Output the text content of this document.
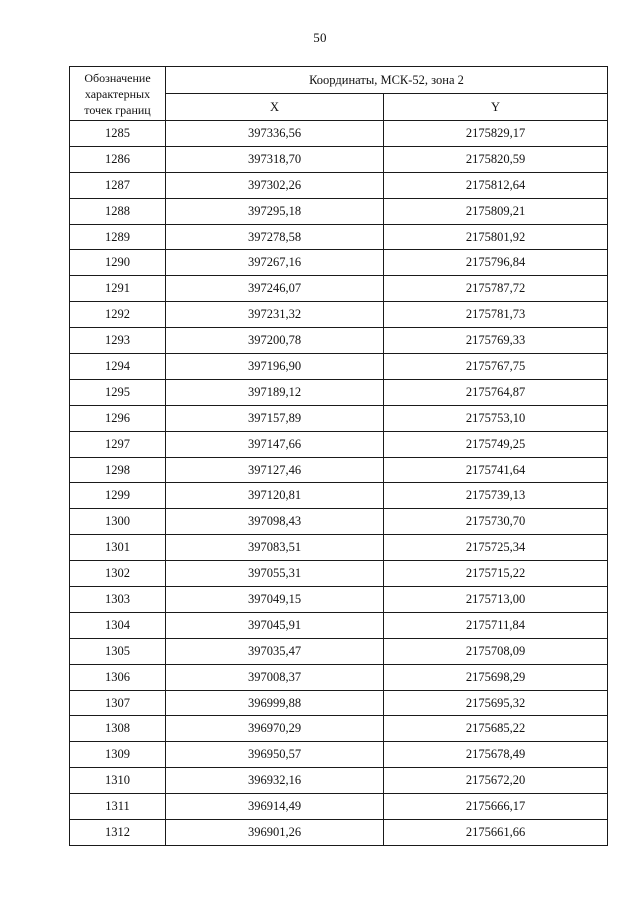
50
Обозначение
характерных
точек границ	Координаты, МСК-52, зона 2	
	X	Y
1285	397336,56	2175829,17
1286	397318,70	2175820,59
1287	397302,26	2175812,64
1288	397295,18	2175809,21
1289	397278,58	2175801,92
1290	397267,16	2175796,84
1291	397246,07	2175787,72
1292	397231,32	2175781,73
1293	397200,78	2175769,33
1294	397196,90	2175767,75
1295	397189,12	2175764,87
1296	397157,89	2175753,10
1297	397147,66	2175749,25
1298	397127,46	2175741,64
1299	397120,81	2175739,13
1300	397098,43	2175730,70
1301	397083,51	2175725,34
1302	397055,31	2175715,22
1303	397049,15	2175713,00
1304	397045,91	2175711,84
1305	397035,47	2175708,09
1306	397008,37	2175698,29
1307	396999,88	2175695,32
1308	396970,29	2175685,22
1309	396950,57	2175678,49
1310	396932,16	2175672,20
1311	396914,49	2175666,17
1312	396901,26	2175661,66
